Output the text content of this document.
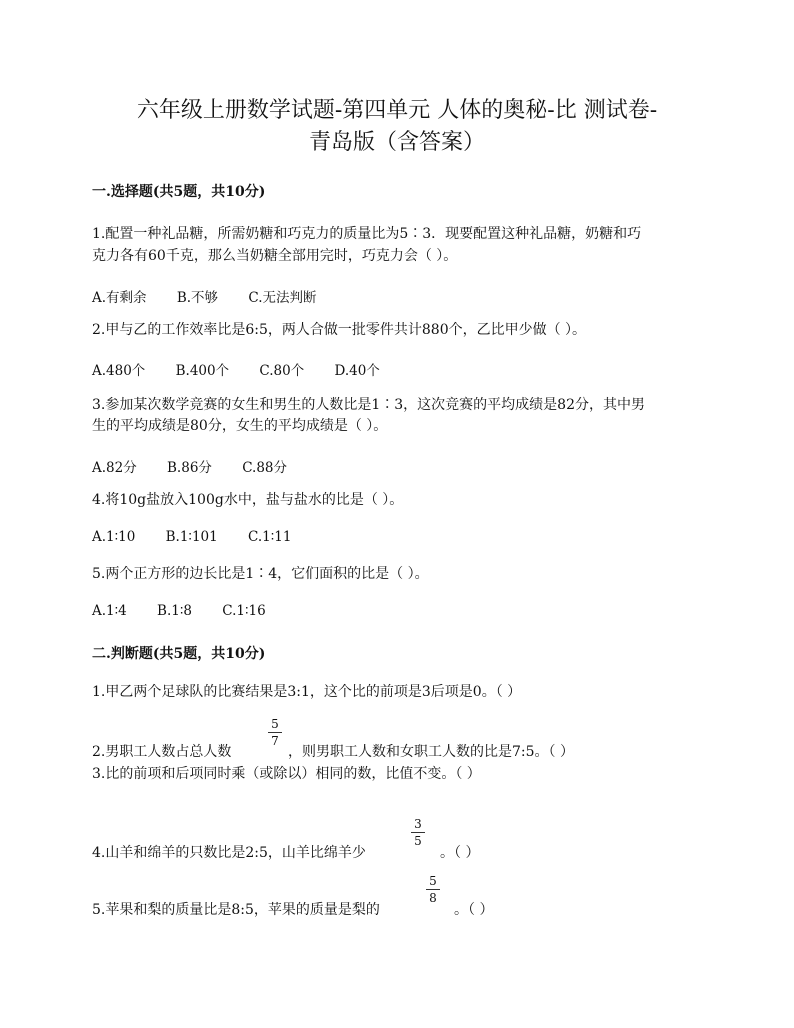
六年级上册数学试题-第四单元 人体的奥秘-比 测试卷-
青岛版（含答案）
一.选择题(共5题，共10分)
1.配置一种礼品糖，所需奶糖和巧克力的质量比为5∶3．现要配置这种礼品糖，奶糖和巧
克力各有60千克，那么当奶糖全部用完时，巧克力会（ ）。
A.有剩余 B.不够 C.无法判断
2.甲与乙的工作效率比是6:5，两人合做一批零件共计880个，乙比甲少做（ ）。
A.480个 B.400个 C.80个 D.40个
3.参加某次数学竞赛的女生和男生的人数比是1∶3，这次竞赛的平均成绩是82分，其中男
生的平均成绩是80分，女生的平均成绩是（ ）。
A.82分 B.86分 C.88分
4.将10g盐放入100g水中，盐与盐水的比是（ ）。
A.1∶10 B.1∶101 C.1∶11
5.两个正方形的边长比是1∶4，它们面积的比是（ ）。
A.1∶4 B.1∶8 C.1∶16
二.判断题(共5题，共10分)
1.甲乙两个足球队的比赛结果是3:1，这个比的前项是3后项是0。（ ）
5
7
2.男职工人数占总人数	，则男职工人数和女职工人数的比是7:5。（ ）
3.比的前项和后项同时乘（或除以）相同的数，比值不变。（ ）
3
5
4.山羊和绵羊的只数比是2:5，山羊比绵羊少	。（ ）
5
8
5.苹果和梨的质量比是8:5，苹果的质量是梨的	。（ ）
